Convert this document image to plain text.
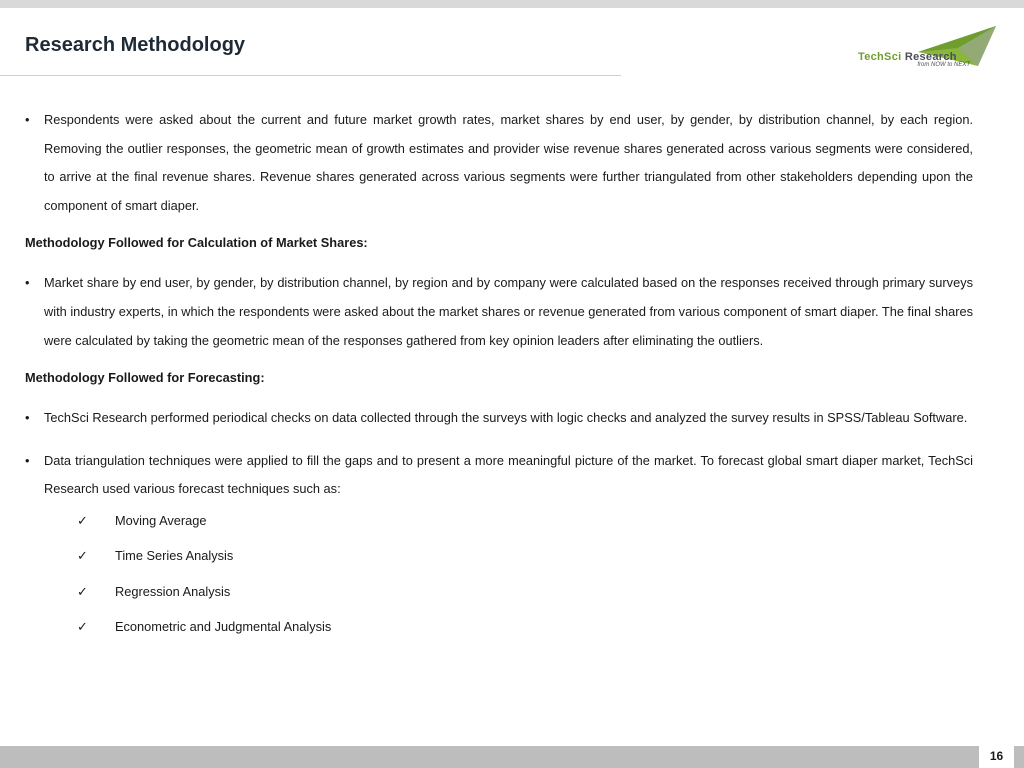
Research Methodology
TechSci Research
from NOW to NEXT

• Respondents were asked about the current and future market growth rates, market shares by end user, by gender, by distribution channel, by each region. Removing the outlier responses, the geometric mean of growth estimates and provider wise revenue shares generated across various segments were considered, to arrive at the final revenue shares. Revenue shares generated across various segments were further triangulated from other stakeholders depending upon the component of smart diaper.

Methodology Followed for Calculation of Market Shares:

• Market share by end user, by gender, by distribution channel, by region and by company were calculated based on the responses received through primary surveys with industry experts, in which the respondents were asked about the market shares or revenue generated from various component of smart diaper. The final shares were calculated by taking the geometric mean of the responses gathered from key opinion leaders after eliminating the outliers.

Methodology Followed for Forecasting:

• TechSci Research performed periodical checks on data collected through the surveys with logic checks and analyzed the survey results in SPSS/Tableau Software.

• Data triangulation techniques were applied to fill the gaps and to present a more meaningful picture of the market. To forecast global smart diaper market, TechSci Research used various forecast techniques such as:

✓ Moving Average
✓ Time Series Analysis
✓ Regression Analysis
✓ Econometric and Judgmental Analysis
16
